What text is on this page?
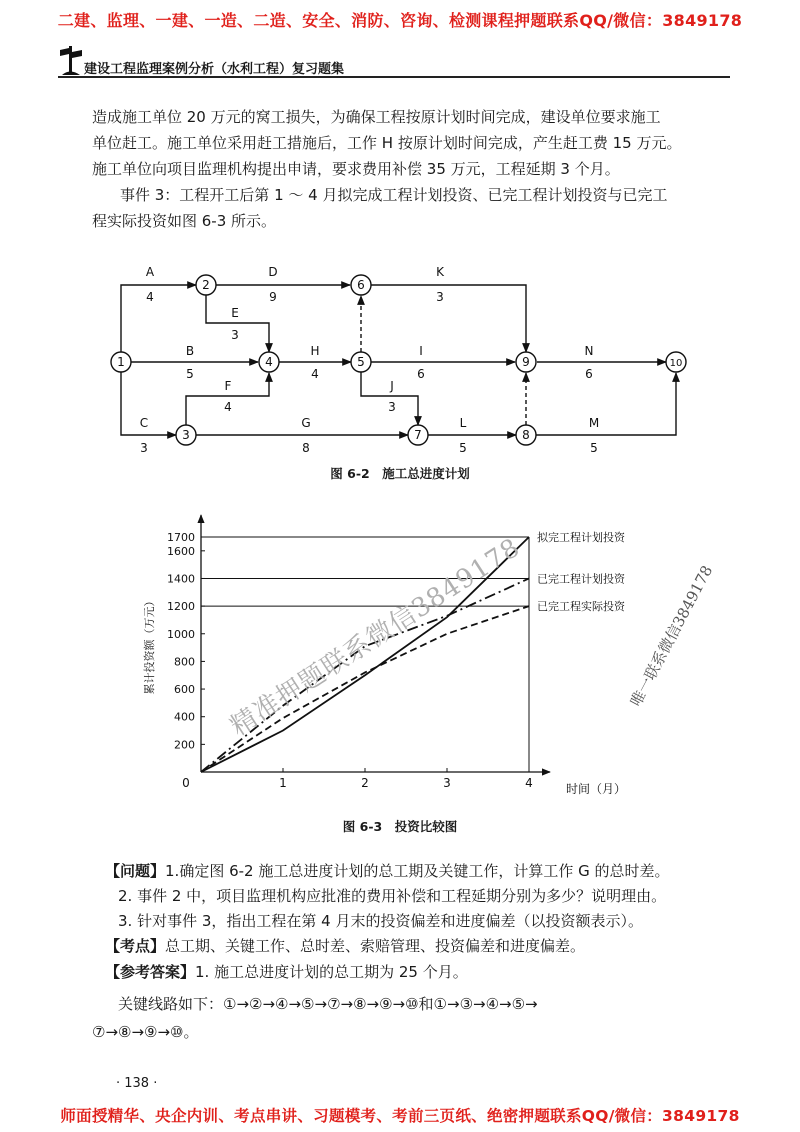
二建、监理、一建、一造、二造、安全、消防、咨询、检测课程押题联系QQ/微信：3849178
建设工程监理案例分析（水利工程）复习题集
造成施工单位 20 万元的窝工损失，为确保工程按原计划时间完成，建设单位要求施工
单位赶工。施工单位采用赶工措施后，工作 H 按原计划时间完成，产生赶工费 15 万元。
施工单位向项目监理机构提出申请，要求费用补偿 35 万元，工程延期 3 个月。
事件 3：工程开工后第 1 ～ 4 月拟完成工程计划投资、已完工程计划投资与已完工
程实际投资如图 6-3 所示。
1
2
3
4	5
6
7	8
9	10
A
4
D
9
K
3
E
3
B
5
H
4
I
6
N
6
F
4
J
3
C
3
G
8
L
5
M
5
图 6-2　施工总进度计划
200
400
600
800
1000
1200
1400
1600
1700
1	2	3	4
拟完工程计划投资
已完工程计划投资
已完工程实际投资
0	时间（月）
累计投资额（万元）
图 6-3　投资比较图
精准押题联系微信3849178	唯一联系微信3849178
【问题】1.确定图 6-2 施工总进度计划的总工期及关键工作，计算工作 G 的总时差。
2. 事件 2 中，项目监理机构应批准的费用补偿和工程延期分别为多少？说明理由。
3. 针对事件 3，指出工程在第 4 月末的投资偏差和进度偏差（以投资额表示）。
【考点】总工期、关键工作、总时差、索赔管理、投资偏差和进度偏差。
【参考答案】1. 施工总进度计划的总工期为 25 个月。
关键线路如下：①→②→④→⑤→⑦→⑧→⑨→⑩和①→③→④→⑤→
⑦→⑧→⑨→⑩。
· 138 ·
师面授精华、央企内训、考点串讲、习题模考、考前三页纸、绝密押题联系QQ/微信：3849178
